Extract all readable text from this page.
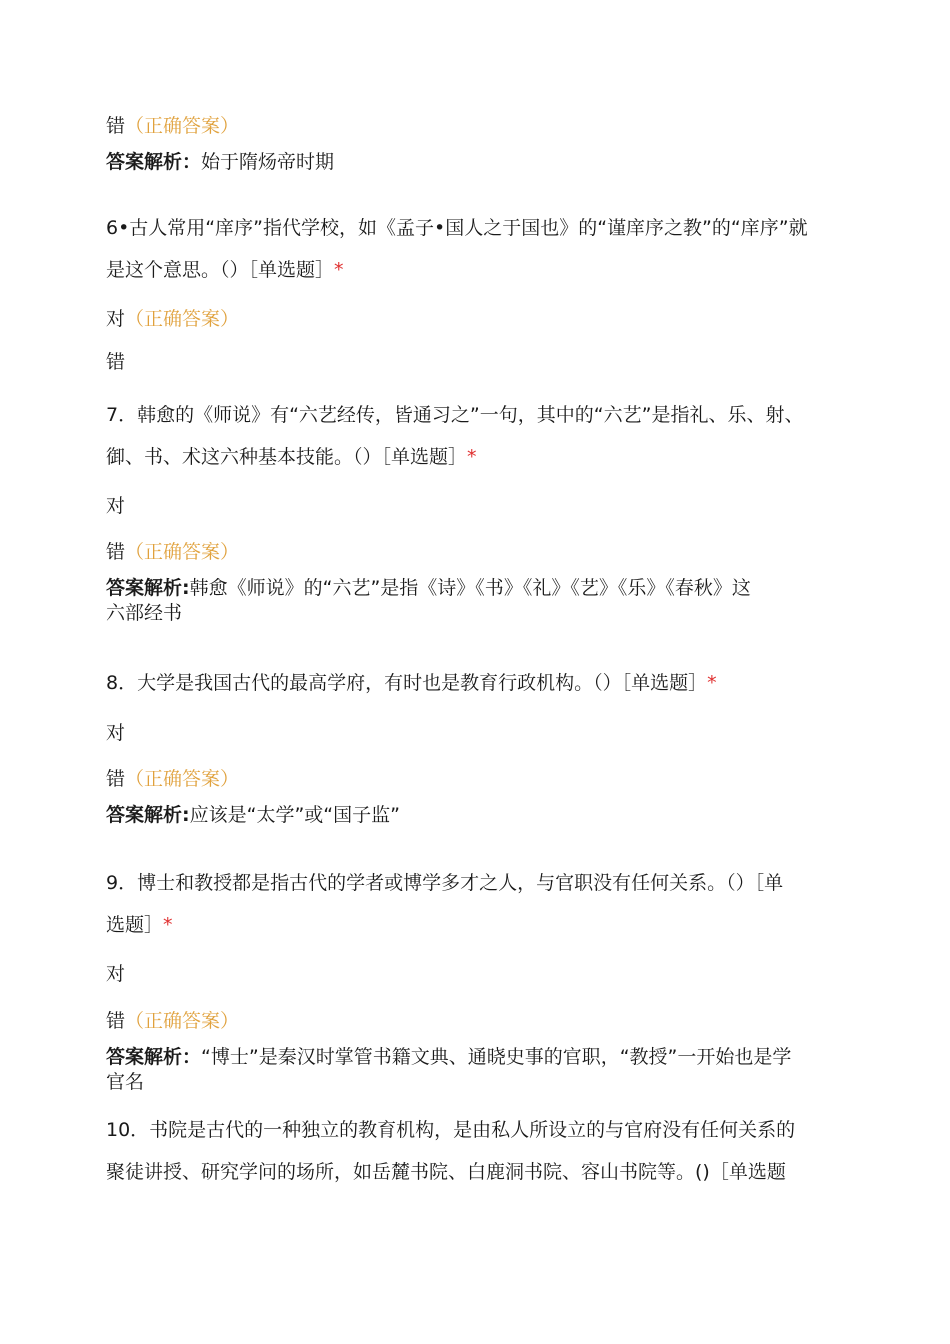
错（正确答案）
答案解析：始于隋炀帝时期
6•古人常用“庠序”指代学校，如《孟子•国人之于国也》的“谨庠序之教”的“庠序”就
是这个意思。（）［单选题］*
对（正确答案）
错
7．韩愈的《师说》有“六艺经传，皆通习之”一句，其中的“六艺”是指礼、乐、射、
御、书、术这六种基本技能。（）［单选题］*
对
错（正确答案）
答案解析:韩愈《师说》的“六艺”是指《诗》《书》《礼》《艺》《乐》《春秋》这
六部经书
8．大学是我国古代的最高学府，有时也是教育行政机构。（）［单选题］*
对
错（正确答案）
答案解析:应该是“太学”或“国子监”
9．博士和教授都是指古代的学者或博学多才之人，与官职没有任何关系。（）［单
选题］*
对
错（正确答案）
答案解析：“博士”是秦汉时掌管书籍文典、通晓史事的官职，“教授”一开始也是学
官名
10．书院是古代的一种独立的教育机构，是由私人所设立的与官府没有任何关系的
聚徒讲授、研究学问的场所，如岳麓书院、白鹿洞书院、容山书院等。()［单选题
